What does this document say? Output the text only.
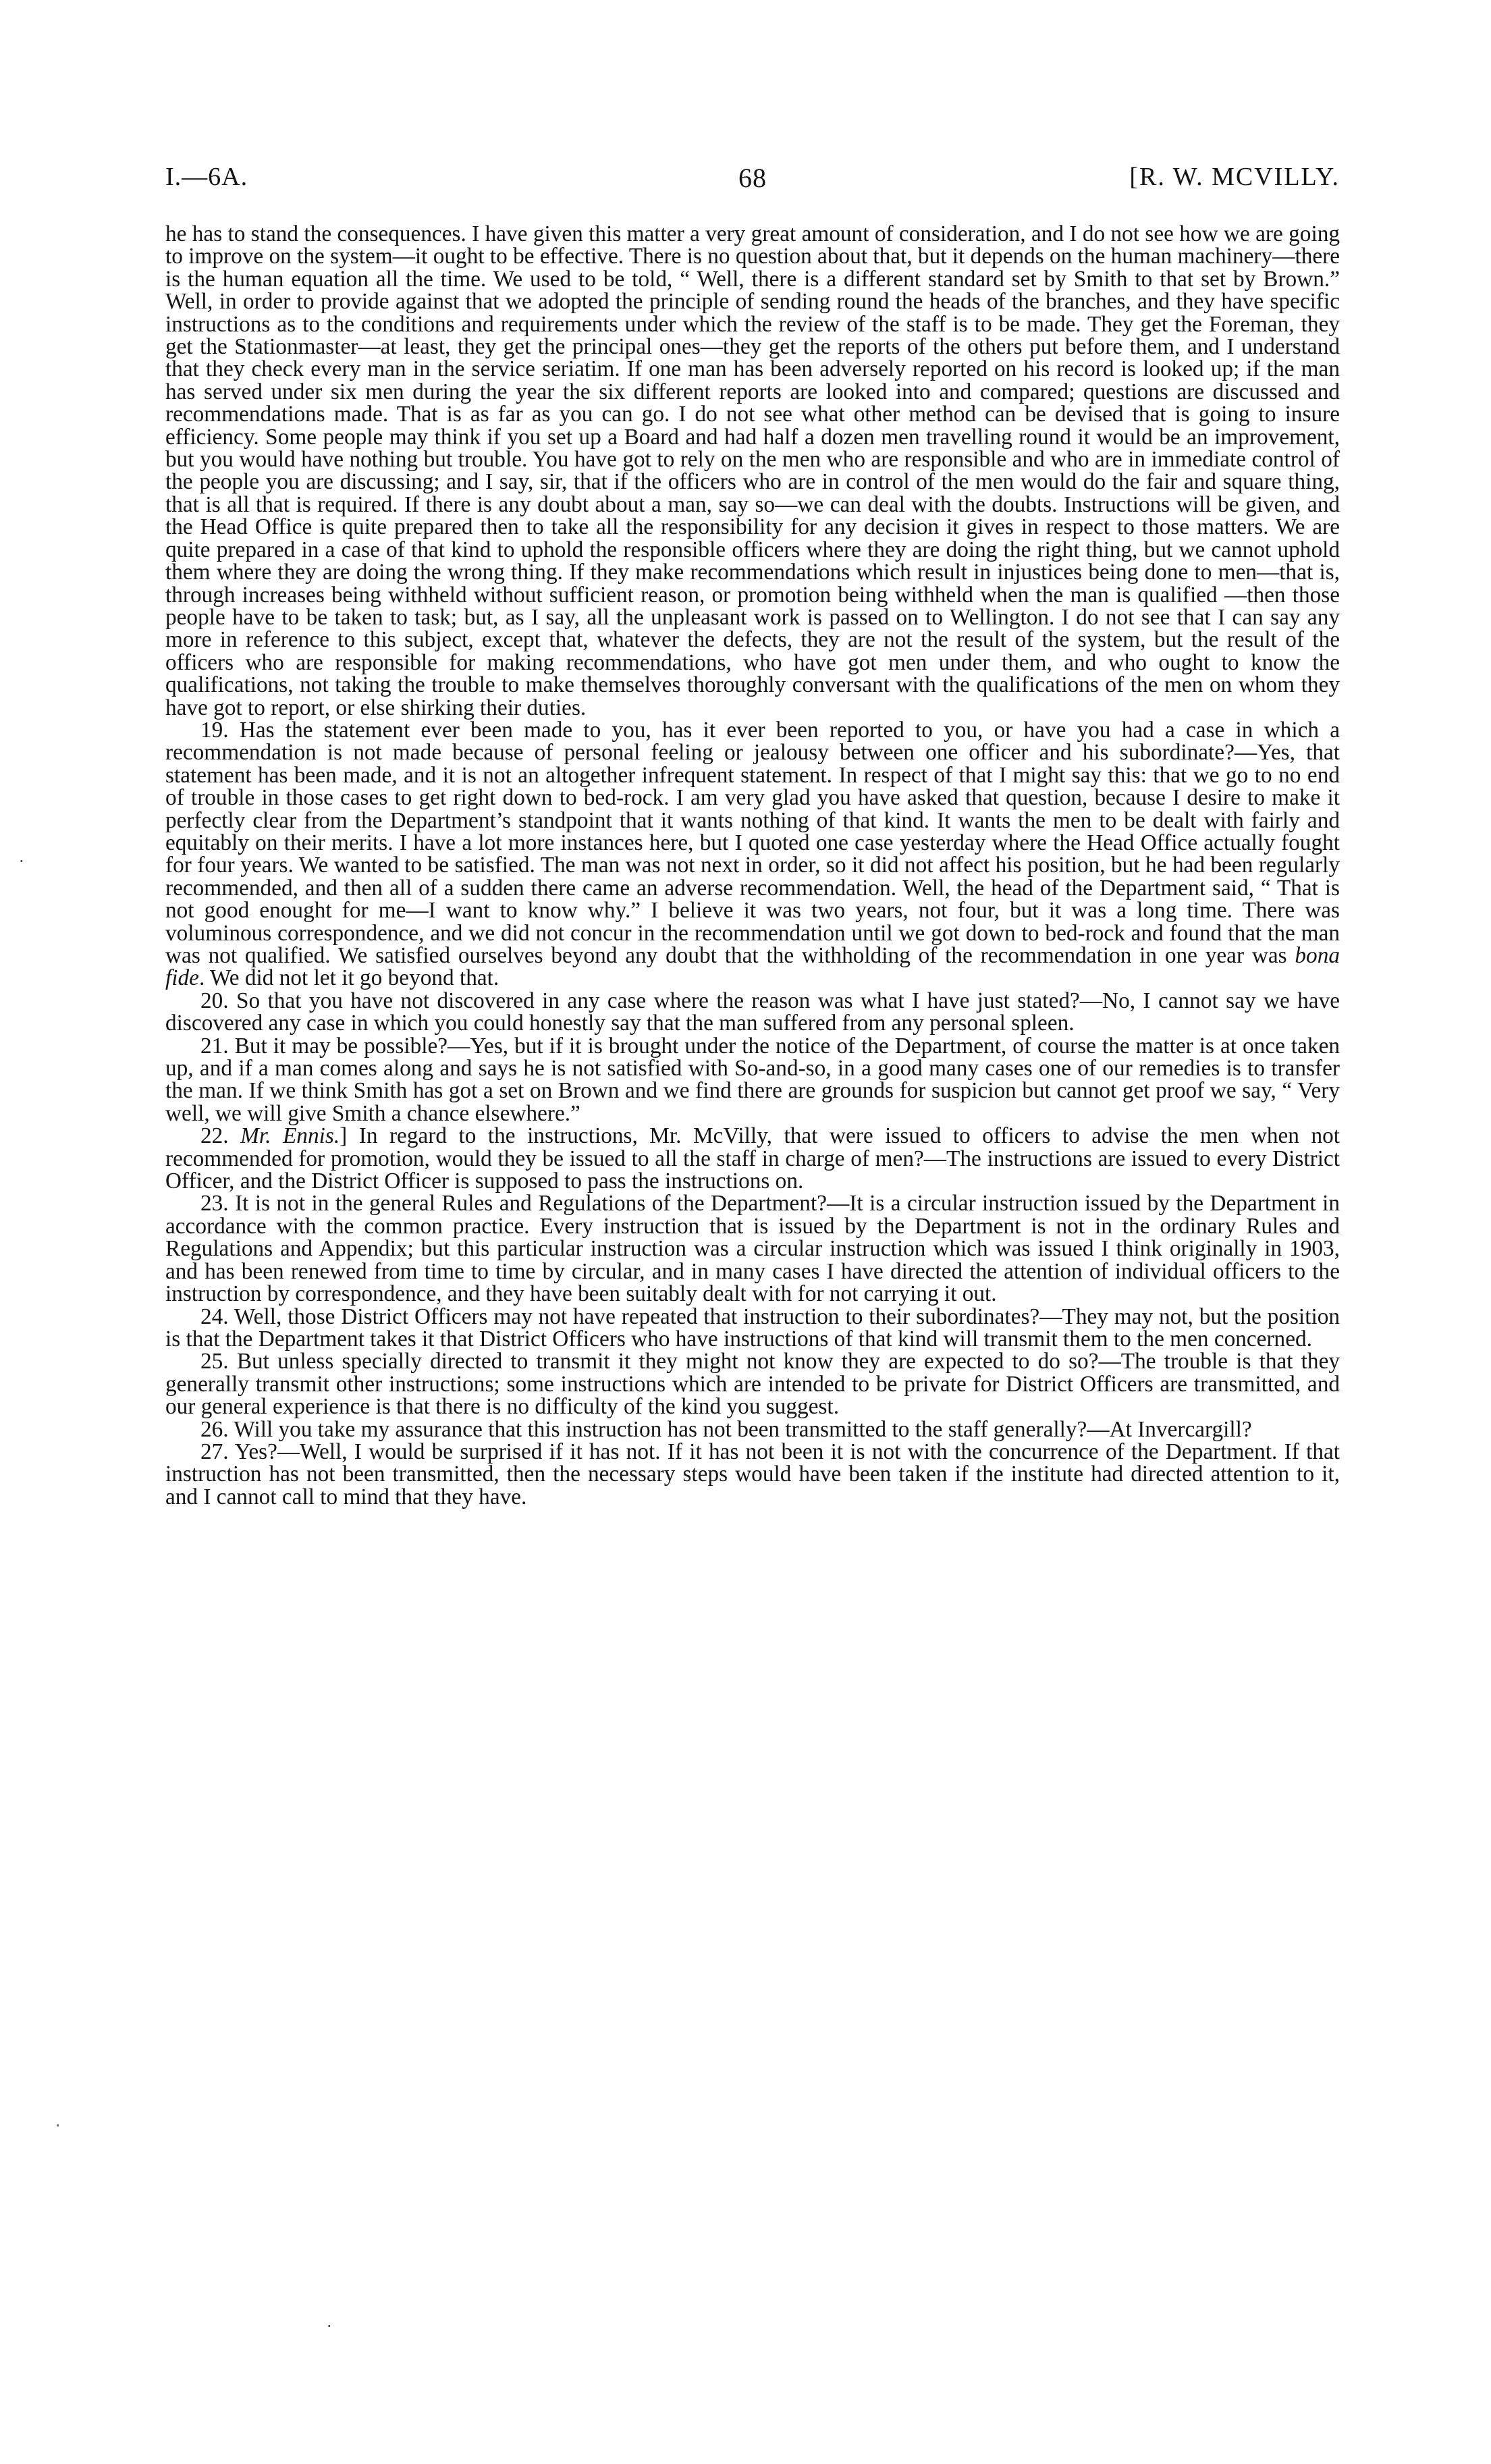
I.—6A.	68	[R. W. MCVILLY.

he has to stand the consequences. I have given this matter a very great amount of consideration, and I do not see how we are going to improve on the system—it ought to be effective. There is no question about that, but it depends on the human machinery—there is the human equation all the time. We used to be told, “ Well, there is a different standard set by Smith to that set by Brown.” Well, in order to provide against that we adopted the principle of sending round the heads of the branches, and they have specific instructions as to the conditions and requirements under which the review of the staff is to be made. They get the Foreman, they get the Stationmaster—at least, they get the principal ones—they get the reports of the others put before them, and I understand that they check every man in the service seriatim. If one man has been adversely reported on his record is looked up; if the man has served under six men during the year the six different reports are looked into and compared; questions are discussed and recommendations made. That is as far as you can go. I do not see what other method can be devised that is going to insure efficiency. Some people may think if you set up a Board and had half a dozen men travelling round it would be an improvement, but you would have nothing but trouble. You have got to rely on the men who are responsible and who are in immediate control of the people you are discussing; and I say, sir, that if the officers who are in control of the men would do the fair and square thing, that is all that is required. If there is any doubt about a man, say so—we can deal with the doubts. Instructions will be given, and the Head Office is quite prepared then to take all the responsibility for any decision it gives in respect to those matters. We are quite prepared in a case of that kind to uphold the responsible officers where they are doing the right thing, but we cannot uphold them where they are doing the wrong thing. If they make recommendations which result in injustices being done to men—that is, through increases being withheld without sufficient reason, or promotion being withheld when the man is qualified —then those people have to be taken to task; but, as I say, all the unpleasant work is passed on to Wellington. I do not see that I can say any more in reference to this subject, except that, whatever the defects, they are not the result of the system, but the result of the officers who are responsible for making recommendations, who have got men under them, and who ought to know the qualifications, not taking the trouble to make themselves thoroughly conversant with the qualifications of the men on whom they have got to report, or else shirking their duties.

19. Has the statement ever been made to you, has it ever been reported to you, or have you had a case in which a recommendation is not made because of personal feeling or jealousy between one officer and his subordinate?—Yes, that statement has been made, and it is not an altogether infrequent statement. In respect of that I might say this: that we go to no end of trouble in those cases to get right down to bed-rock. I am very glad you have asked that question, because I desire to make it perfectly clear from the Department’s standpoint that it wants nothing of that kind. It wants the men to be dealt with fairly and equitably on their merits. I have a lot more instances here, but I quoted one case yesterday where the Head Office actually fought for four years. We wanted to be satisfied. The man was not next in order, so it did not affect his position, but he had been regularly recommended, and then all of a sudden there came an adverse recommendation. Well, the head of the Department said, “ That is not good enought for me—I want to know why.” I believe it was two years, not four, but it was a long time. There was voluminous correspondence, and we did not concur in the recommendation until we got down to bed-rock and found that the man was not qualified. We satisfied ourselves beyond any doubt that the withholding of the recommendation in one year was bona fide. We did not let it go beyond that.

20. So that you have not discovered in any case where the reason was what I have just stated?—No, I cannot say we have discovered any case in which you could honestly say that the man suffered from any personal spleen.

21. But it may be possible?—Yes, but if it is brought under the notice of the Department, of course the matter is at once taken up, and if a man comes along and says he is not satisfied with So-and-so, in a good many cases one of our remedies is to transfer the man. If we think Smith has got a set on Brown and we find there are grounds for suspicion but cannot get proof we say, “ Very well, we will give Smith a chance elsewhere.”

22. Mr. Ennis.] In regard to the instructions, Mr. McVilly, that were issued to officers to advise the men when not recommended for promotion, would they be issued to all the staff in charge of men?—The instructions are issued to every District Officer, and the District Officer is supposed to pass the instructions on.

23. It is not in the general Rules and Regulations of the Department?—It is a circular instruction issued by the Department in accordance with the common practice. Every instruction that is issued by the Department is not in the ordinary Rules and Regulations and Appendix; but this particular instruction was a circular instruction which was issued I think originally in 1903, and has been renewed from time to time by circular, and in many cases I have directed the attention of individual officers to the instruction by correspondence, and they have been suitably dealt with for not carrying it out.

24. Well, those District Officers may not have repeated that instruction to their subordinates?—They may not, but the position is that the Department takes it that District Officers who have instructions of that kind will transmit them to the men concerned.

25. But unless specially directed to transmit it they might not know they are expected to do so?—The trouble is that they generally transmit other instructions; some instructions which are intended to be private for District Officers are transmitted, and our general experience is that there is no difficulty of the kind you suggest.

26. Will you take my assurance that this instruction has not been transmitted to the staff generally?—At Invercargill?

27. Yes?—Well, I would be surprised if it has not. If it has not been it is not with the concurrence of the Department. If that instruction has not been transmitted, then the necessary steps would have been taken if the institute had directed attention to it, and I cannot call to mind that they have.

·
·
·
